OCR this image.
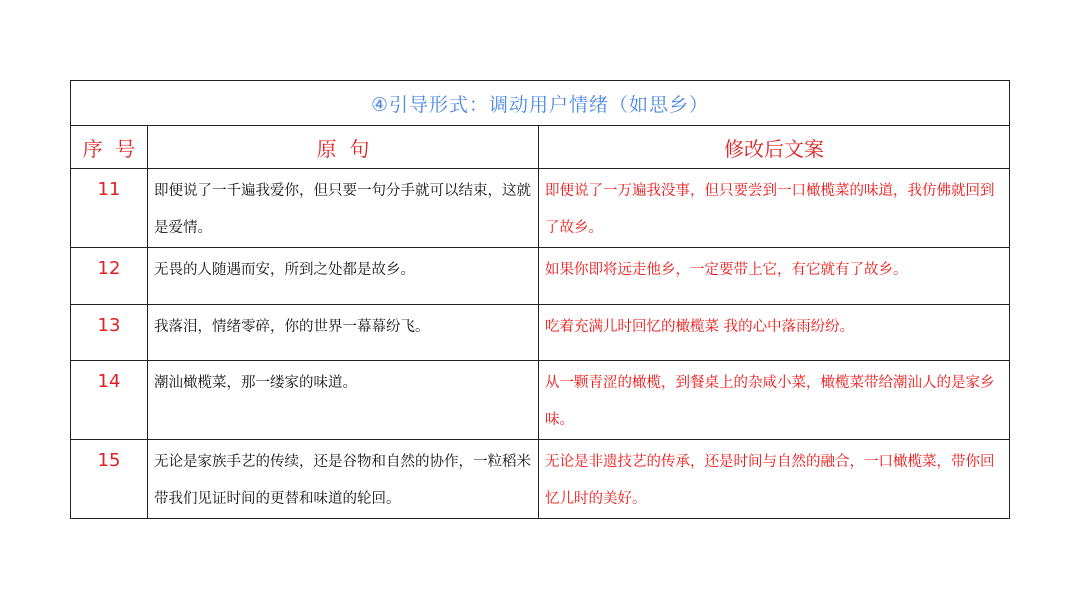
④引导形式：调动用户情绪（如思乡）		
序  号	原  句	修改后文案
11	即便说了一千遍我爱你，但只要一句分手就可以结束，这就是爱情。	即便说了一万遍我没事，但只要尝到一口橄榄菜的味道，我仿佛就回到了故乡。
12	无畏的人随遇而安，所到之处都是故乡。	如果你即将远走他乡，一定要带上它，有它就有了故乡。
13	我落泪，情绪零碎，你的世界一幕幕纷飞。	吃着充满儿时回忆的橄榄菜 我的心中落雨纷纷。
14	潮汕橄榄菜，那一缕家的味道。	从一颗青涩的橄榄，到餐桌上的杂咸小菜，橄榄菜带给潮汕人的是家乡味。
15	无论是家族手艺的传续，还是谷物和自然的协作，一粒稻米 带我们见证时间的更替和味道的轮回。	无论是非遗技艺的传承，还是时间与自然的融合，一口橄榄菜，带你回忆儿时的美好。
